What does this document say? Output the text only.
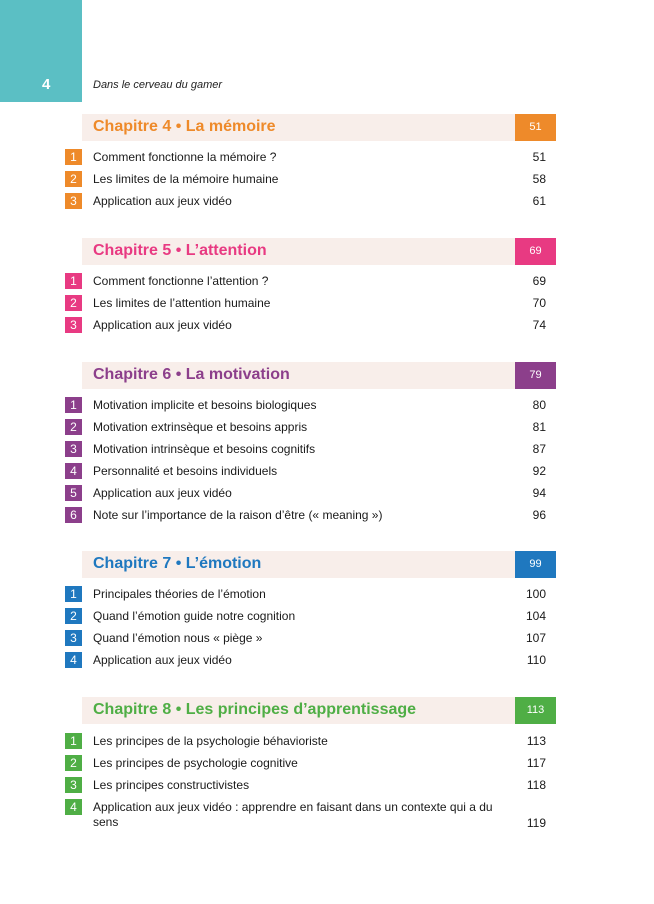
4	Dans le cerveau du gamer
Chapitre 4 • La mémoire	51
1	Comment fonctionne la mémoire ?	51
2	Les limites de la mémoire humaine	58
3	Application aux jeux vidéo	61
Chapitre 5 • L’attention	69
1	Comment fonctionne l’attention ?	69
2	Les limites de l’attention humaine	70
3	Application aux jeux vidéo	74
Chapitre 6 • La motivation	79
1	Motivation implicite et besoins biologiques	80
2	Motivation extrinsèque et besoins appris	81
3	Motivation intrinsèque et besoins cognitifs	87
4	Personnalité et besoins individuels	92
5	Application aux jeux vidéo	94
6	Note sur l’importance de la raison d’être (« meaning »)	96
Chapitre 7 • L’émotion	99
1	Principales théories de l’émotion	100
2	Quand l’émotion guide notre cognition	104
3	Quand l’émotion nous « piège »	107
4	Application aux jeux vidéo	110
Chapitre 8 • Les principes d’apprentissage	113
1	Les principes de la psychologie béhavioriste	113
2	Les principes de psychologie cognitive	117
3	Les principes constructivistes	118
4	Application aux jeux vidéo : apprendre en faisant dans un contexte qui a du sens	119
